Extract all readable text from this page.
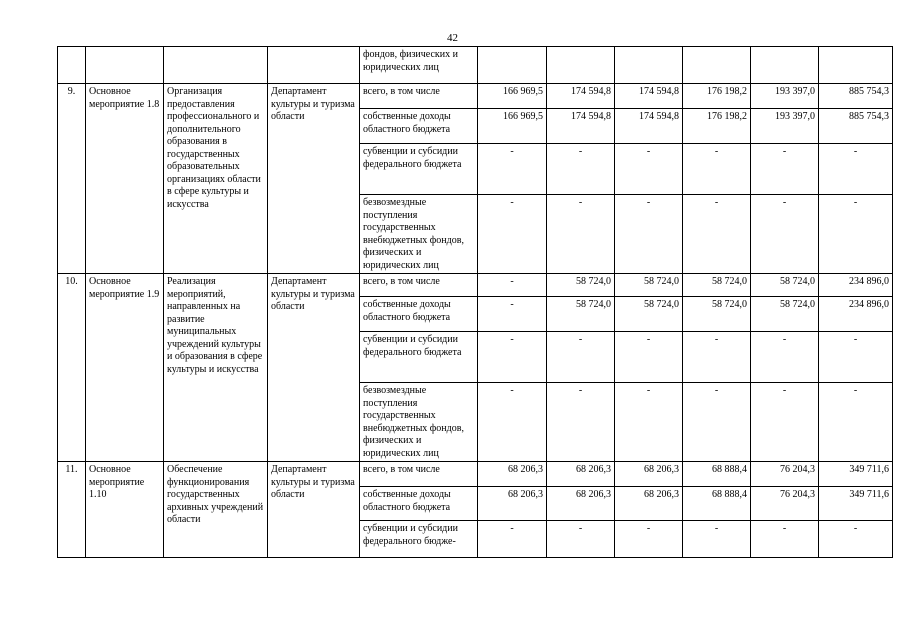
42
				фондов, физических и юридических лиц						
9.	Основное мероприятие 1.8	Организация предоставления профессионального и дополнительного образования в государственных образовательных организациях области в сфере культуры и искусства	Департамент культуры и туризма области	всего, в том числе	166 969,5	174 594,8	174 594,8	176 198,2	193 397,0	885 754,3
				собственные доходы областного бюджета	166 969,5	174 594,8	174 594,8	176 198,2	193 397,0	885 754,3
				субвенции и субсидии федерального бюджета	-	-	-	-	-	-
				безвозмездные поступления государственных внебюджетных фондов, физических и юридических лиц	-	-	-	-	-	-
10.	Основное мероприятие 1.9	Реализация мероприятий, направленных на развитие муниципальных учреждений культуры и образования в сфере культуры и искусства	Департамент культуры и туризма области	всего, в том числе	-	58 724,0	58 724,0	58 724,0	58 724,0	234 896,0
				собственные доходы областного бюджета	-	58 724,0	58 724,0	58 724,0	58 724,0	234 896,0
				субвенции и субсидии федерального бюджета	-	-	-	-	-	-
				безвозмездные поступления государственных внебюджетных фондов, физических и юридических лиц	-	-	-	-	-	-
11.	Основное мероприятие 1.10	Обеспечение функционирования государственных архивных учреждений области	Департамент культуры и туризма области	всего, в том числе	68 206,3	68 206,3	68 206,3	68 888,4	76 204,3	349 711,6
				собственные доходы областного бюджета	68 206,3	68 206,3	68 206,3	68 888,4	76 204,3	349 711,6
				субвенции и субсидии федерального бюдже-	-	-	-	-	-	-
